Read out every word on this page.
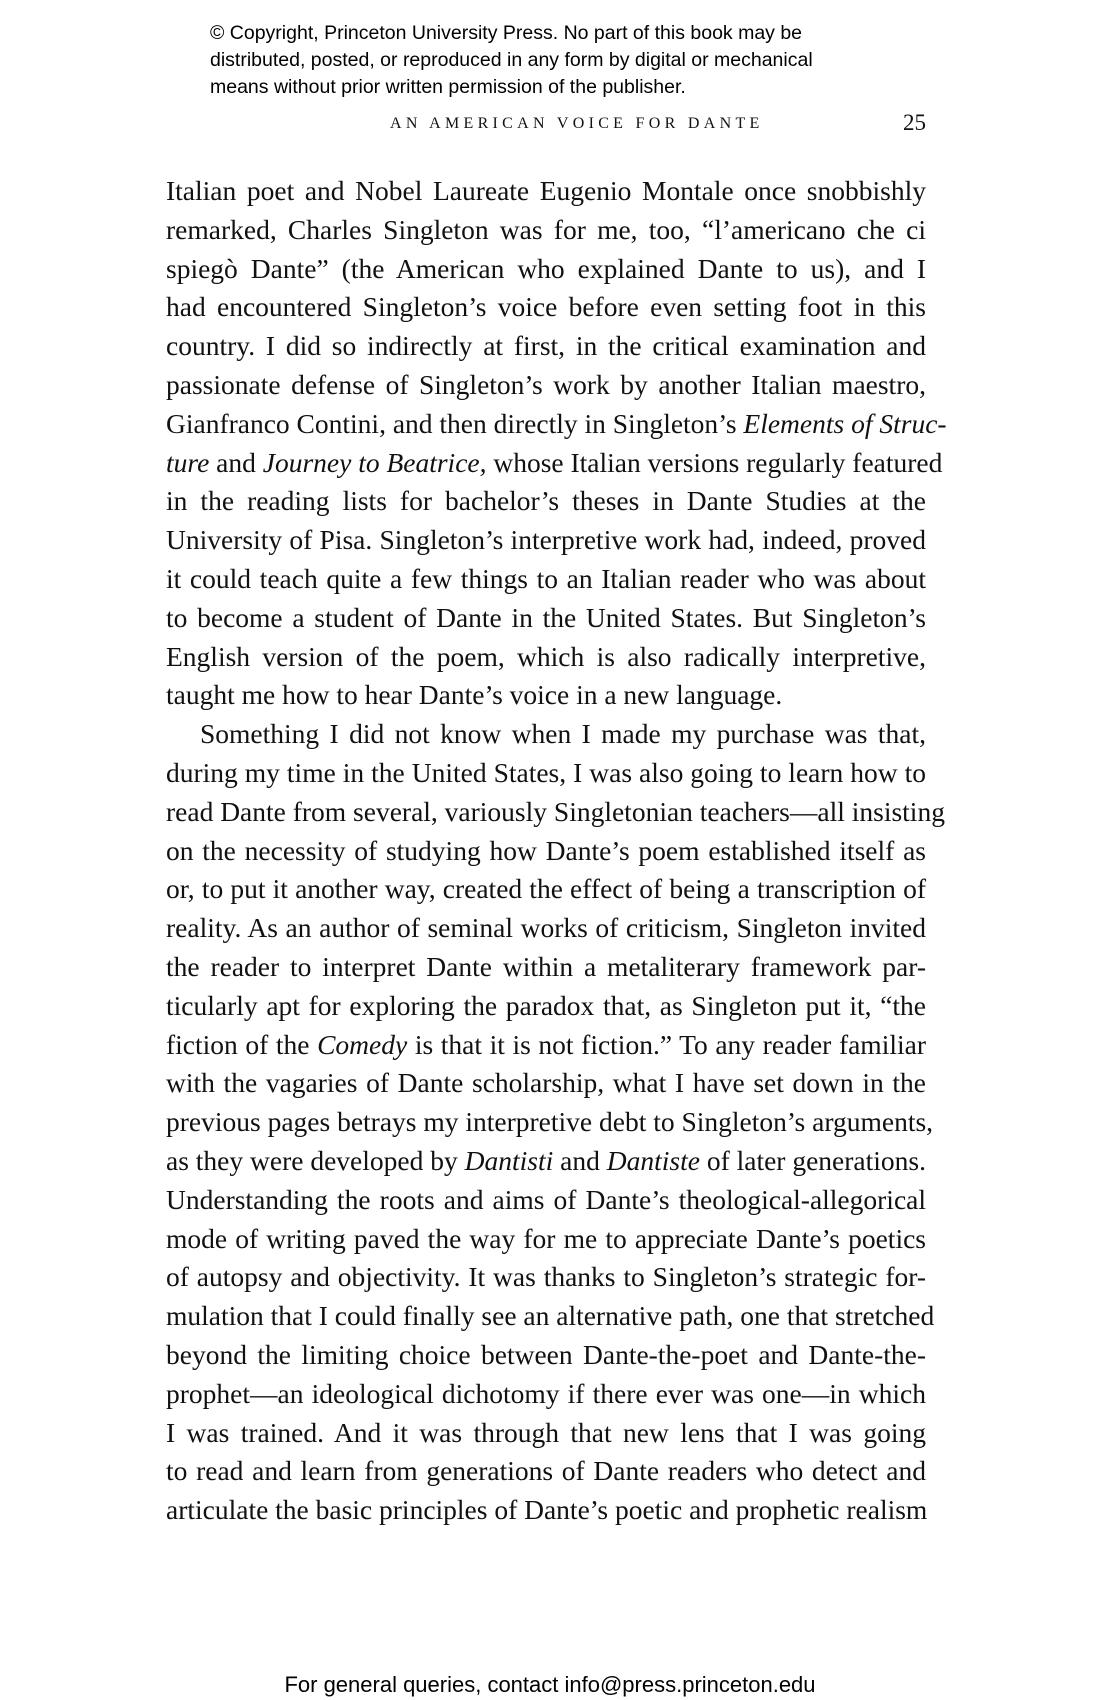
© Copyright, Princeton University Press. No part of this book may be
distributed, posted, or reproduced in any form by digital or mechanical
means without prior written permission of the publisher.
AN AMERICAN VOICE FOR DANTE	25
Italian poet and Nobel Laureate Eugenio Montale once snobbishly
remarked, Charles Singleton was for me, too, “l’americano che ci
spiegò Dante” (the American who explained Dante to us), and I
had encountered Singleton’s voice before even setting foot in this
country. I did so indirectly at first, in the critical examination and
passionate defense of Singleton’s work by another Italian maestro,
Gianfranco Contini, and then directly in Singleton’s Elements of Struc-
ture and Journey to Beatrice, whose Italian versions regularly featured
in the reading lists for bachelor’s theses in Dante Studies at the
University of Pisa. Singleton’s interpretive work had, indeed, proved
it could teach quite a few things to an Italian reader who was about
to become a student of Dante in the United States. But Singleton’s
English version of the poem, which is also radically interpretive,
taught me how to hear Dante’s voice in a new language.
Something I did not know when I made my purchase was that,
during my time in the United States, I was also going to learn how to
read Dante from several, variously Singletonian teachers—all insisting
on the necessity of studying how Dante’s poem established itself as
or, to put it another way, created the effect of being a transcription of
reality. As an author of seminal works of criticism, Singleton invited
the reader to interpret Dante within a metaliterary framework par-
ticularly apt for exploring the paradox that, as Singleton put it, “the
fiction of the Comedy is that it is not fiction.” To any reader familiar
with the vagaries of Dante scholarship, what I have set down in the
previous pages betrays my interpretive debt to Singleton’s arguments,
as they were developed by Dantisti and Dantiste of later generations.
Understanding the roots and aims of Dante’s theological-allegorical
mode of writing paved the way for me to appreciate Dante’s poetics
of autopsy and objectivity. It was thanks to Singleton’s strategic for-
mulation that I could finally see an alternative path, one that stretched
beyond the limiting choice between Dante-the-poet and Dante-the-
prophet—an ideological dichotomy if there ever was one—in which
I was trained. And it was through that new lens that I was going
to read and learn from generations of Dante readers who detect and
articulate the basic principles of Dante’s poetic and prophetic realism
For general queries, contact info@press.princeton.edu
